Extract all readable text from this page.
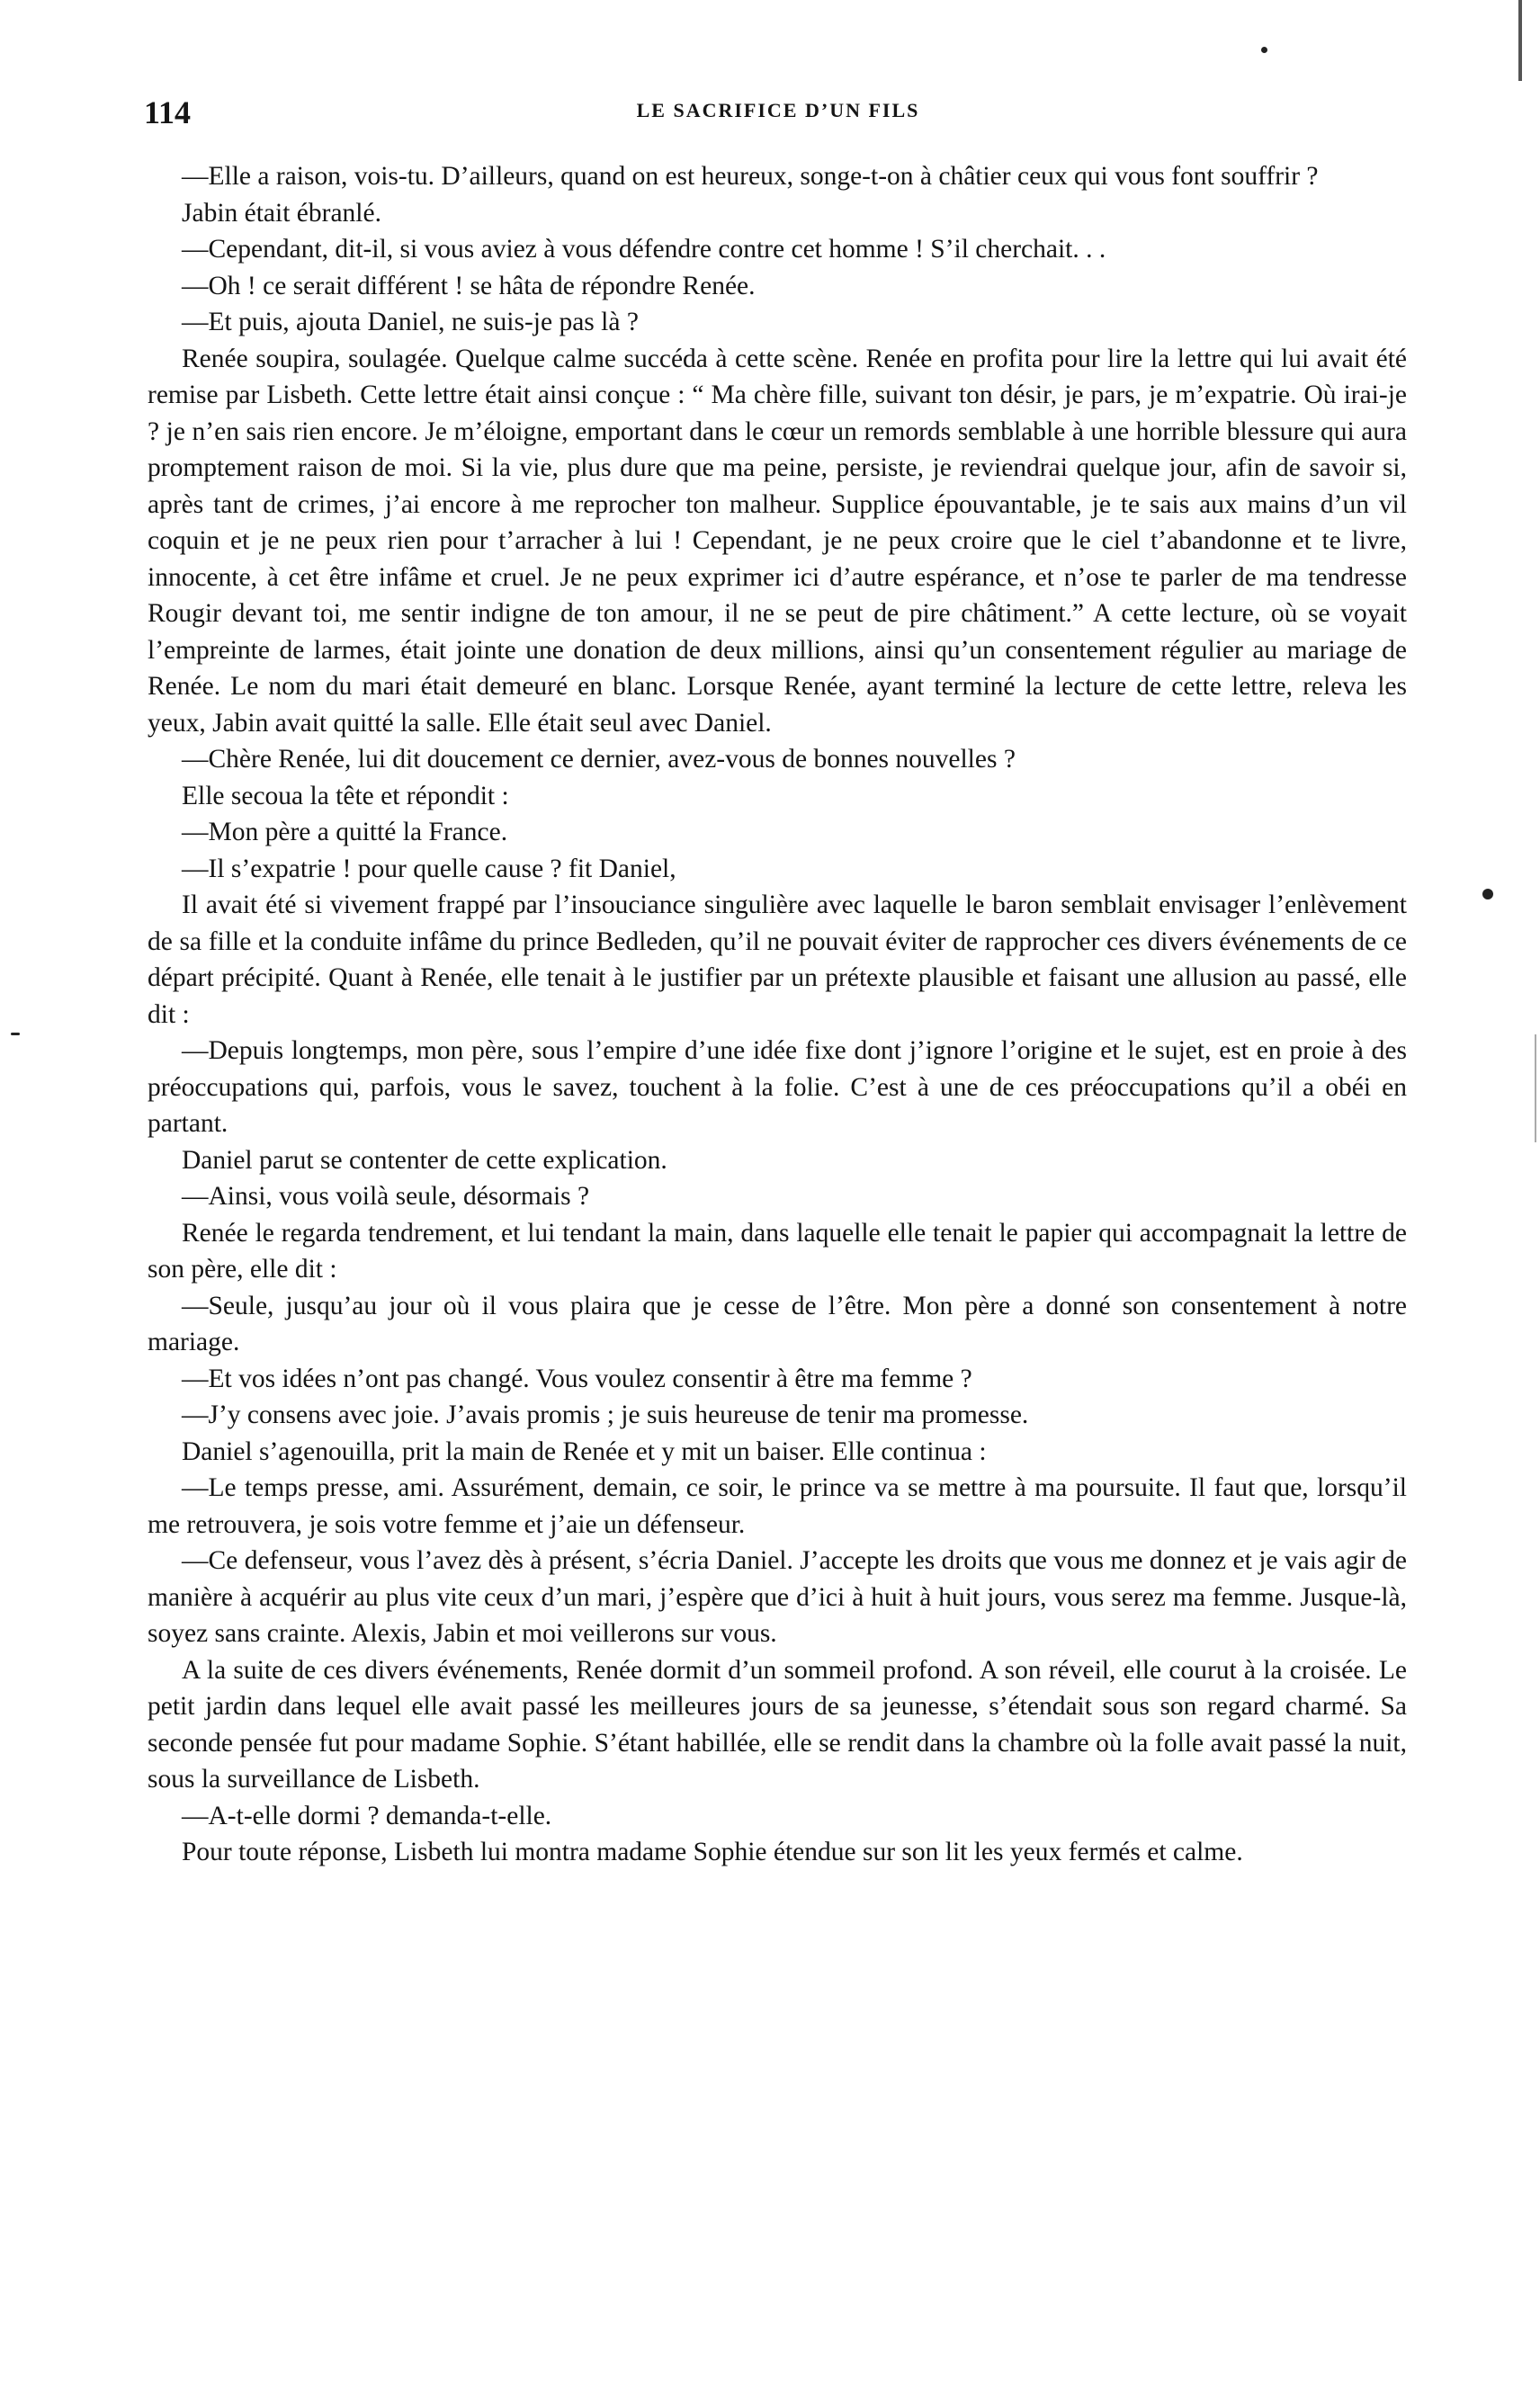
114	LE SACRIFICE D’UN FILS

—Elle a raison, vois-tu. D’ailleurs, quand on est heureux, songe-t-on à châtier ceux qui vous font souffrir ?

Jabin était ébranlé.

—Cependant, dit-il, si vous aviez à vous défendre contre cet homme ! S’il cherchait. . .

—Oh ! ce serait différent ! se hâta de répondre Renée.

—Et puis, ajouta Daniel, ne suis-je pas là ?

Renée soupira, soulagée. Quelque calme succéda à cette scène. Renée en profita pour lire la lettre qui lui avait été remise par Lisbeth. Cette lettre était ainsi conçue : “ Ma chère fille, suivant ton désir, je pars, je m’expatrie. Où irai-je ? je n’en sais rien encore. Je m’éloigne, emportant dans le cœur un remords semblable à une horrible blessure qui aura promptement raison de moi. Si la vie, plus dure que ma peine, persiste, je reviendrai quelque jour, afin de savoir si, après tant de crimes, j’ai encore à me reprocher ton malheur. Supplice épouvantable, je te sais aux mains d’un vil coquin et je ne peux rien pour t’arracher à lui ! Cependant, je ne peux croire que le ciel t’abandonne et te livre, innocente, à cet être infâme et cruel. Je ne peux exprimer ici d’autre espérance, et n’ose te parler de ma tendresse Rougir devant toi, me sentir indigne de ton amour, il ne se peut de pire châtiment.” A cette lecture, où se voyait l’empreinte de larmes, était jointe une donation de deux millions, ainsi qu’un consentement régulier au mariage de Renée. Le nom du mari était demeuré en blanc. Lorsque Renée, ayant terminé la lecture de cette lettre, releva les yeux, Jabin avait quitté la salle. Elle était seul avec Daniel.

—Chère Renée, lui dit doucement ce dernier, avez-vous de bonnes nouvelles ?

Elle secoua la tête et répondit :

—Mon père a quitté la France.

—Il s’expatrie ! pour quelle cause ? fit Daniel,

Il avait été si vivement frappé par l’insouciance singulière avec laquelle le baron semblait envisager l’enlèvement de sa fille et la conduite infâme du prince Bedleden, qu’il ne pouvait éviter de rapprocher ces divers événements de ce départ précipité. Quant à Renée, elle tenait à le justifier par un prétexte plausible et faisant une allusion au passé, elle dit :

—Depuis longtemps, mon père, sous l’empire d’une idée fixe dont j’ignore l’origine et le sujet, est en proie à des préoccupations qui, parfois, vous le savez, touchent à la folie. C’est à une de ces préoccupations qu’il a obéi en partant.

Daniel parut se contenter de cette explication.

—Ainsi, vous voilà seule, désormais ?

Renée le regarda tendrement, et lui tendant la main, dans laquelle elle tenait le papier qui accompagnait la lettre de son père, elle dit :

—Seule, jusqu’au jour où il vous plaira que je cesse de l’être. Mon père a donné son consentement à notre mariage.

—Et vos idées n’ont pas changé. Vous voulez consentir à être ma femme ?

—J’y consens avec joie. J’avais promis ; je suis heureuse de tenir ma promesse.

Daniel s’agenouilla, prit la main de Renée et y mit un baiser. Elle continua :

—Le temps presse, ami. Assurément, demain, ce soir, le prince va se mettre à ma poursuite. Il faut que, lorsqu’il me retrouvera, je sois votre femme et j’aie un défenseur.

—Ce defenseur, vous l’avez dès à présent, s’écria Daniel. J’accepte les droits que vous me donnez et je vais agir de manière à acquérir au plus vite ceux d’un mari, j’espère que d’ici à huit à huit jours, vous serez ma femme. Jusque-là, soyez sans crainte. Alexis, Jabin et moi veillerons sur vous.

A la suite de ces divers événements, Renée dormit d’un sommeil profond. A son réveil, elle courut à la croisée. Le petit jardin dans lequel elle avait passé les meilleures jours de sa jeunesse, s’étendait sous son regard charmé. Sa seconde pensée fut pour madame Sophie. S’étant habillée, elle se rendit dans la chambre où la folle avait passé la nuit, sous la surveillance de Lisbeth.

—A-t-elle dormi ? demanda-t-elle.

Pour toute réponse, Lisbeth lui montra madame Sophie étendue sur son lit les yeux fermés et calme.
